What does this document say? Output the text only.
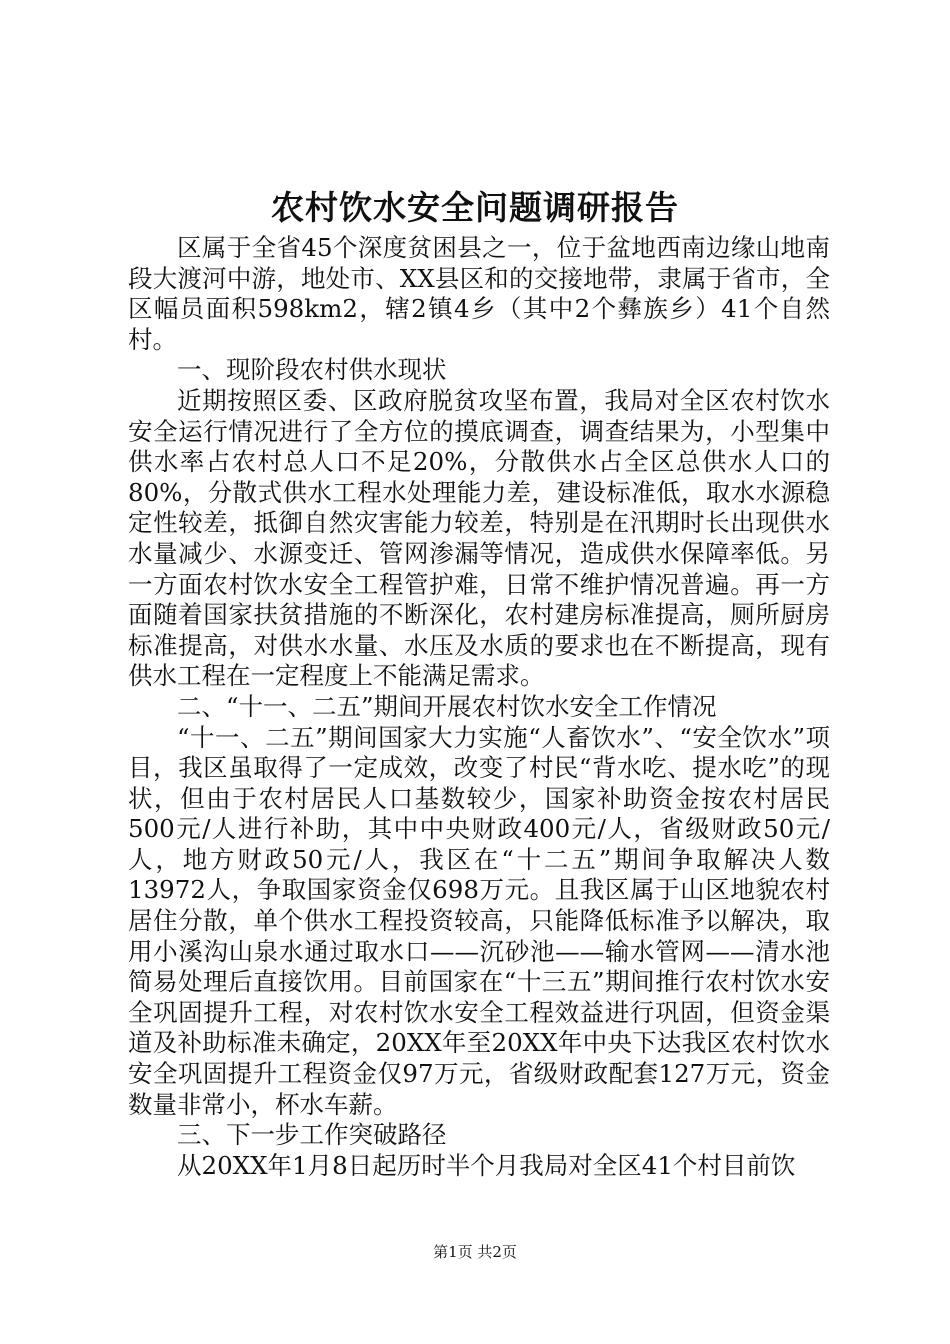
农村饮水安全问题调研报告

区属于全省45个深度贫困县之一，位于盆地西南边缘山地南段大渡河中游，地处市、XX县区和的交接地带，隶属于省市，全区幅员面积598km2，辖2镇4乡（其中2个彝族乡）41个自然村。

一、现阶段农村供水现状

近期按照区委、区政府脱贫攻坚布置，我局对全区农村饮水安全运行情况进行了全方位的摸底调查，调查结果为，小型集中供水率占农村总人口不足20%，分散供水占全区总供水人口的80%，分散式供水工程水处理能力差，建设标准低，取水水源稳定性较差，抵御自然灾害能力较差，特别是在汛期时长出现供水水量减少、水源变迁、管网渗漏等情况，造成供水保障率低。另一方面农村饮水安全工程管护难，日常不维护情况普遍。再一方面随着国家扶贫措施的不断深化，农村建房标准提高，厕所厨房标准提高，对供水水量、水压及水质的要求也在不断提高，现有供水工程在一定程度上不能满足需求。

二、“十一、二五”期间开展农村饮水安全工作情况

“十一、二五”期间国家大力实施“人畜饮水”、“安全饮水”项目，我区虽取得了一定成效，改变了村民“背水吃、提水吃”的现状，但由于农村居民人口基数较少，国家补助资金按农村居民500元/人进行补助，其中中央财政400元/人，省级财政50元/人，地方财政50元/人，我区在“十二五”期间争取解决人数13972人，争取国家资金仅698万元。且我区属于山区地貌农村居住分散，单个供水工程投资较高，只能降低标准予以解决，取用小溪沟山泉水通过取水口——沉砂池——输水管网——清水池简易处理后直接饮用。目前国家在“十三五”期间推行农村饮水安全巩固提升工程，对农村饮水安全工程效益进行巩固，但资金渠道及补助标准未确定，20XX年至20XX年中央下达我区农村饮水安全巩固提升工程资金仅97万元，省级财政配套127万元，资金数量非常小，杯水车薪。

三、下一步工作突破路径

从20XX年1月8日起历时半个月我局对全区41个村目前饮

第1页 共2页
